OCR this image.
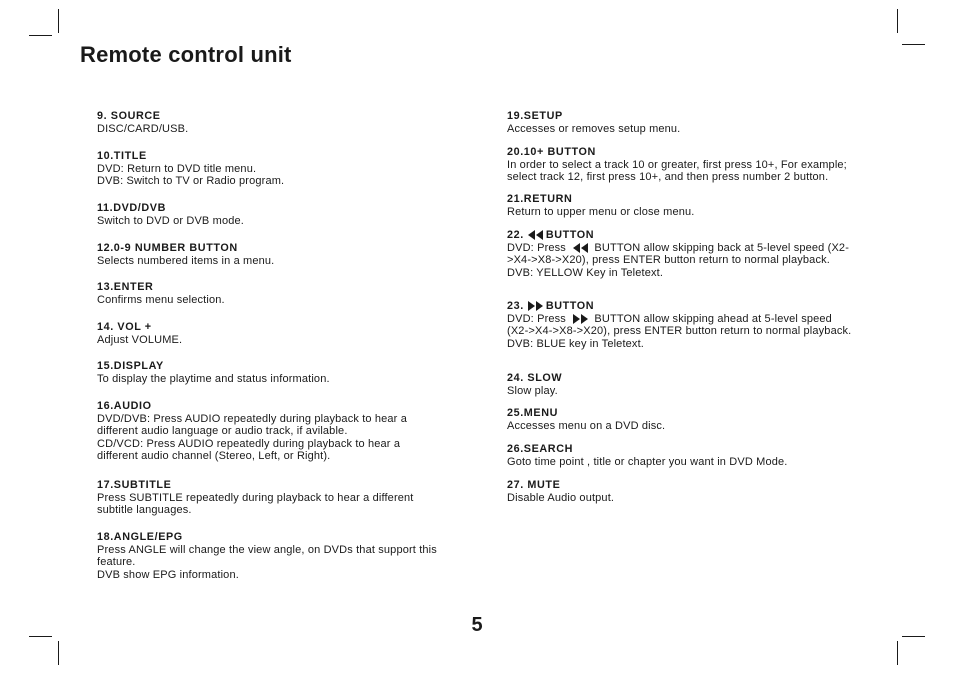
Remote control unit
9. SOURCE
DISC/CARD/USB.
10.TITLE
DVD: Return to DVD title menu.
DVB: Switch to TV or Radio program.
11.DVD/DVB
Switch to DVD or DVB mode.
12.0-9 NUMBER BUTTON
Selects numbered items in a menu.
13.ENTER
Confirms menu selection.
14. VOL +
Adjust VOLUME.
15.DISPLAY
To display the playtime and status information.
16.AUDIO
DVD/DVB: Press AUDIO repeatedly during playback to hear a different audio language or audio track, if avilable.
CD/VCD: Press AUDIO repeatedly during playback to hear a different audio channel (Stereo, Left, or Right).
17.SUBTITLE
Press SUBTITLE repeatedly during playback to hear a different subtitle languages.
18.ANGLE/EPG
Press ANGLE will change the view angle, on DVDs that support this feature.
DVB show EPG information.
19.SETUP
Accesses or removes setup menu.
20.10+ BUTTON
In order to select a track 10 or greater, first press 10+, For example; select track 12, first press 10+, and then press number 2 button.
21.RETURN
Return to upper menu or close menu.
22. BUTTON
DVD: Press	BUTTON allow skipping back at 5-level speed (X2->X4->X8->X20), press ENTER button return to normal playback.
DVB: YELLOW Key in Teletext.
23. BUTTON
DVD: Press	BUTTON allow skipping ahead at 5-level speed (X2->X4->X8->X20), press ENTER button return to normal playback.
DVB: BLUE key in Teletext.
24. SLOW
Slow play.
25.MENU
Accesses menu on a DVD disc.
26.SEARCH
Goto time point , title or chapter you want in DVD Mode.
27. MUTE
Disable Audio output.
5
